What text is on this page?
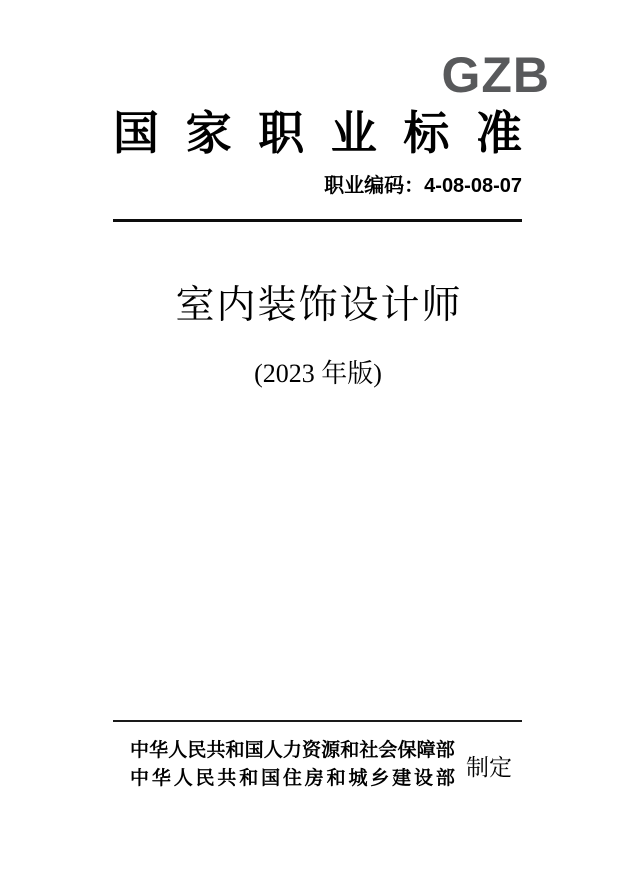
GZB
国 家 职 业 标 准
职业编码：4-08-08-07
室内装饰设计师
(2023 年版)
中 华 人 民 共 和 国 人 力 资 源 和 社 会 保 障 部
中 华 人 民 共 和 国 住 房 和 城 乡 建 设 部 制定
